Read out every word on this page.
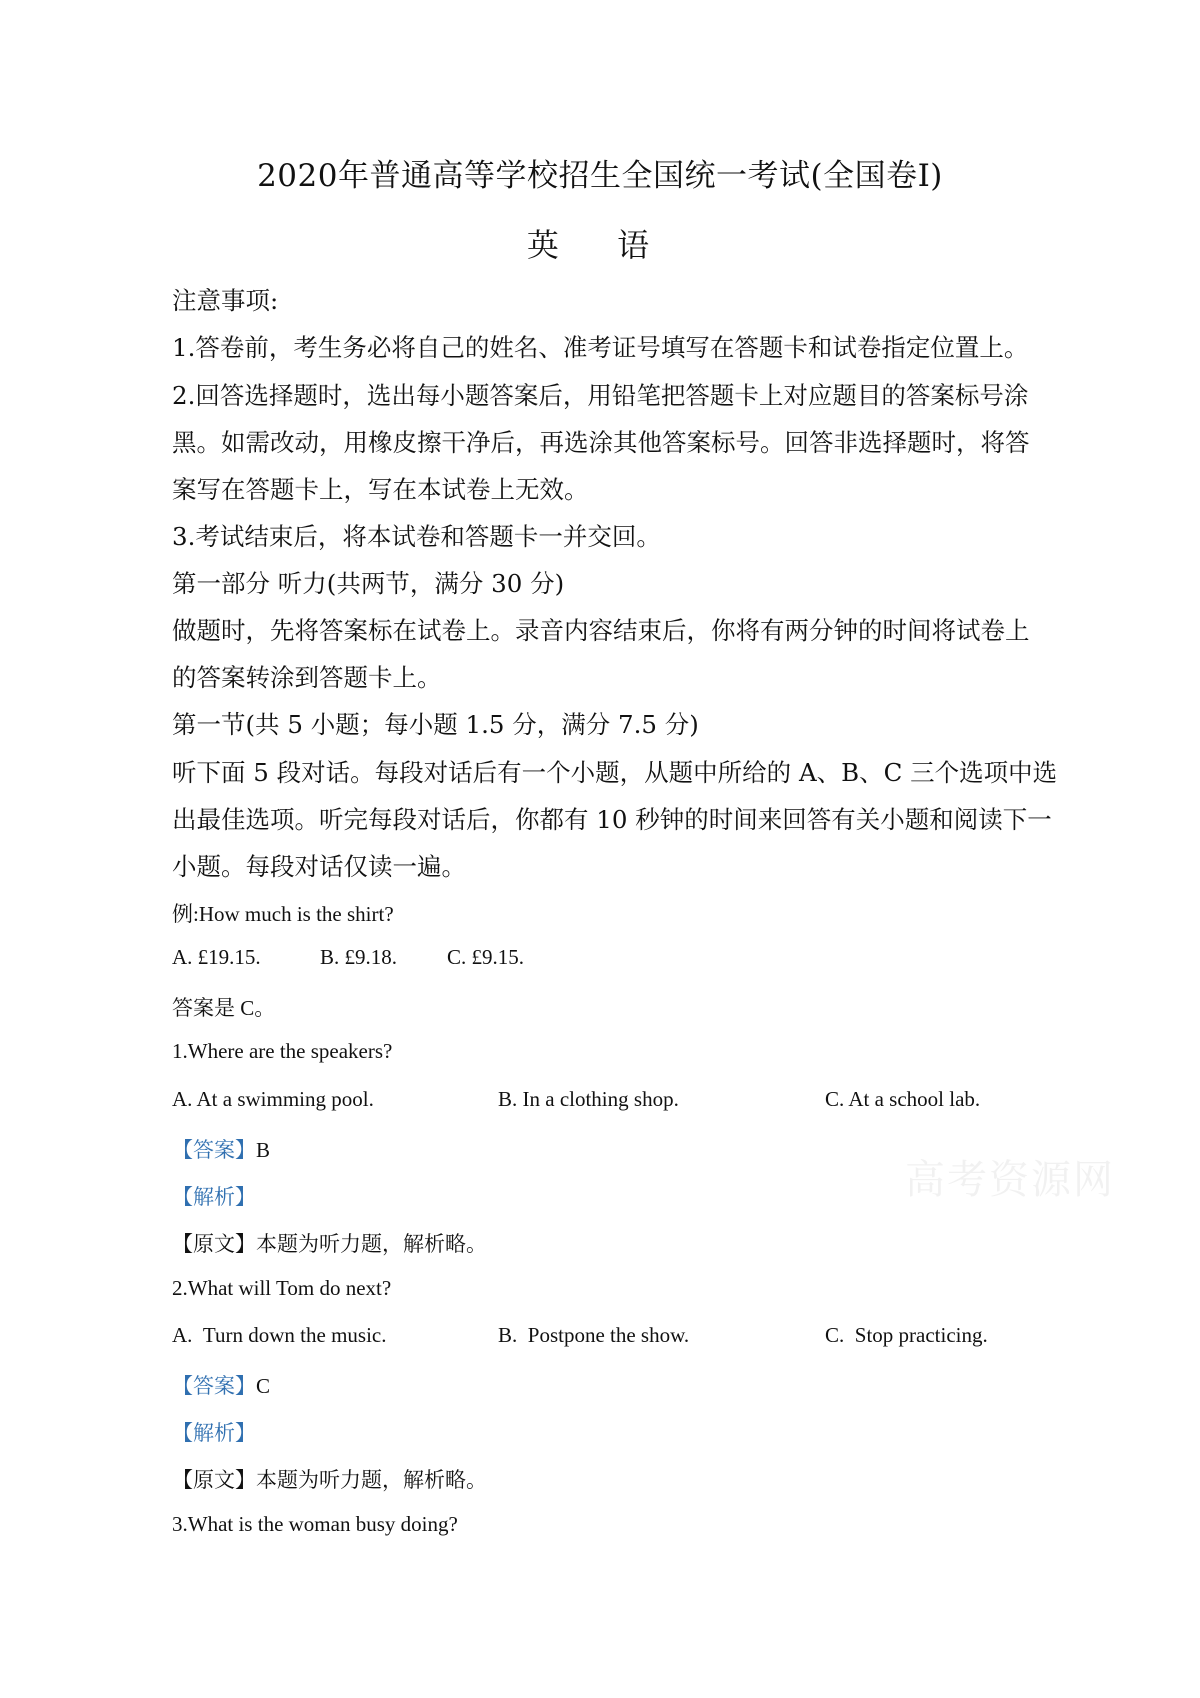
2020年普通高等学校招生全国统一考试(全国卷I)
英 语
注意事项:
1.答卷前，考生务必将自己的姓名、准考证号填写在答题卡和试卷指定位置上。
2.回答选择题时，选出每小题答案后，用铅笔把答题卡上对应题目的答案标号涂
黑。如需改动，用橡皮擦干净后，再选涂其他答案标号。回答非选择题时，将答
案写在答题卡上，写在本试卷上无效。
3.考试结束后，将本试卷和答题卡一并交回。
第一部分 听力(共两节，满分 30 分)
做题时，先将答案标在试卷上。录音内容结束后，你将有两分钟的时间将试卷上
的答案转涂到答题卡上。
第一节(共 5 小题；每小题 1.5 分，满分 7.5 分)
听下面 5 段对话。每段对话后有一个小题，从题中所给的 A、B、C 三个选项中选
出最佳选项。听完每段对话后，你都有 10 秒钟的时间来回答有关小题和阅读下一
小题。每段对话仅读一遍。
例:How much is the shirt?
A. £19.15.	B. £9.18. C. £9.15.
答案是 C。
1.Where are the speakers?
A. At a swimming pool.	B. In a clothing shop.	C. At a school lab.
【答案】B
【解析】
【原文】本题为听力题，解析略。
高考资源网
2.What will Tom do next?
A. Turn down the music.	B. Postpone the show.	C. Stop practicing.
【答案】C
【解析】
【原文】本题为听力题，解析略。
3.What is the woman busy doing?
